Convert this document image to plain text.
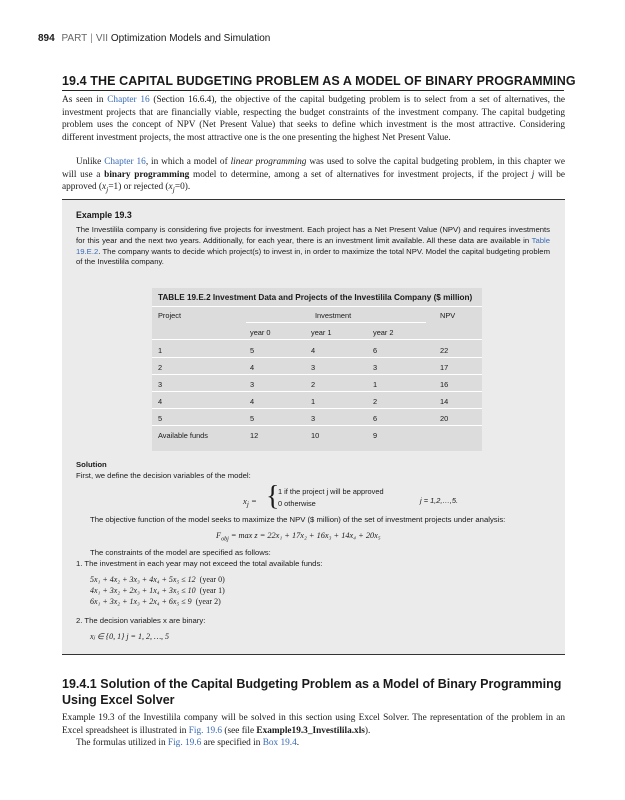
894 PART | VII Optimization Models and Simulation
19.4 THE CAPITAL BUDGETING PROBLEM AS A MODEL OF BINARY PROGRAMMING
As seen in Chapter 16 (Section 16.6.4), the objective of the capital budgeting problem is to select from a set of alternatives, the investment projects that are financially viable, respecting the budget constraints of the investment company. The capital budgeting problem uses the concept of NPV (Net Present Value) that seeks to define which investment is the most attractive. Considering different investment projects, the most attractive one is the one presenting the highest Net Present Value.
Unlike Chapter 16, in which a model of linear programming was used to solve the capital budgeting problem, in this chapter we will use a binary programming model to determine, among a set of alternatives for investment projects, if the project j will be approved $(x_j=1)$ or rejected $(x_j=0)$.
Example 19.3
The Investilila company is considering five projects for investment. Each project has a Net Present Value (NPV) and requires investments for this year and the next two years. Additionally, for each year, there is an investment limit available. All these data are available in Table 19.E.2. The company wants to decide which project(s) to invest in, in order to maximize the total NPV. Model the capital budgeting problem of the Investilila company.
TABLE 19.E.2 Investment Data and Projects of the Investilila Company ($ million)
Project	Investment	NPV
year 0	year 1	year 2
1	5	4	6	22
2	4	3	3	17
3	3	2	1	16
4	4	1	2	14
5	5	3	6	20
Available funds	12	10	9
Solution
First, we define the decision variables of the model:
$x_j$ = {
1 if the project j will be approved
0 otherwise	j = 1,2,…,5.
The objective function of the model seeks to maximize the NPV ($ million) of the set of investment projects under analysis:
$F_{obj} = \max z = 22x_1 + 17x_2 + 16x_3 + 14x_4 + 20x_5$
The constraints of the model are specified as follows:
1. The investment in each year may not exceed the total available funds:
5x₁ + 4x₂ + 3x₃ + 4x₄ + 5x₅ ≤ 12 (year 0)
4x₁ + 3x₂ + 2x₃ + 1x₄ + 3x₅ ≤ 10 (year 1)
6x₁ + 3x₂ + 1x₃ + 2x₄ + 6x₅ ≤ 9 (year 2)
2. The decision variables x are binary:
xⱼ ∈ {0, 1} j = 1, 2, …, 5
19.4.1 Solution of the Capital Budgeting Problem as a Model of Binary Programming Using Excel Solver
Example 19.3 of the Investilila company will be solved in this section using Excel Solver. The representation of the problem in an Excel spreadsheet is illustrated in Fig. 19.6 (see file Example19.3_Investilila.xls).
The formulas utilized in Fig. 19.6 are specified in Box 19.4.
